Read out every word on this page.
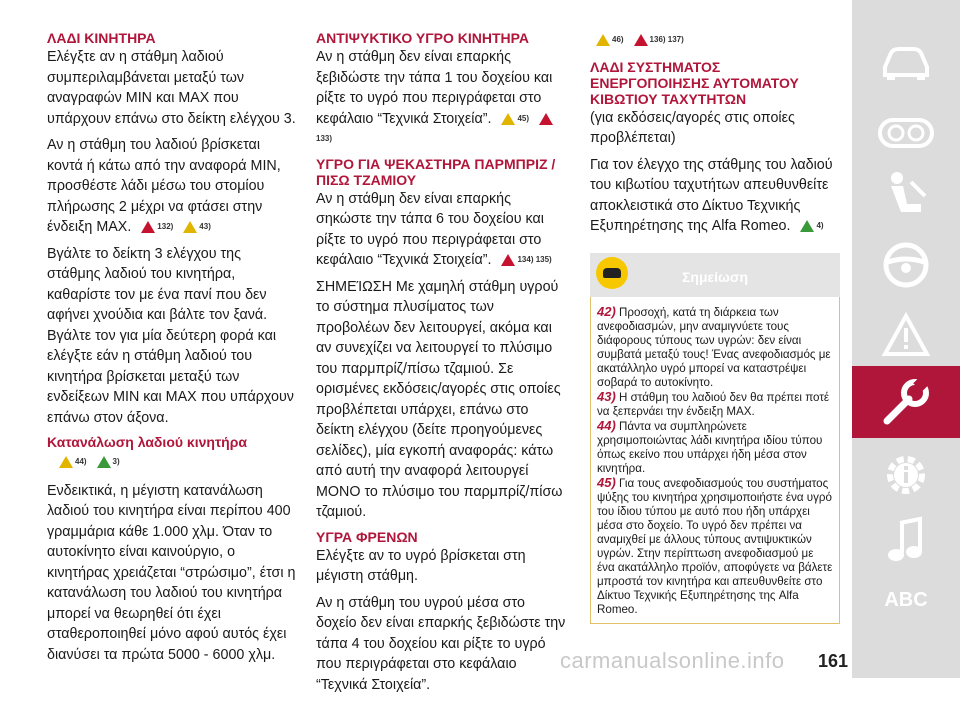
ΛΑΔΙ ΚΙΝΗΤΗΡΑ

Ελέγξτε αν η στάθμη λαδιού συμπεριλαμβάνεται μεταξύ των αναγραφών MIN και MAX που υπάρχουν επάνω στο δείκτη ελέγχου 3.

Αν η στάθμη του λαδιού βρίσκεται κοντά ή κάτω από την αναφορά MIN, προσθέστε λάδι μέσω του στομίου πλήρωσης 2 μέχρι να φτάσει στην ένδειξη MAX.	132)	43)

Βγάλτε το δείκτη 3 ελέγχου της στάθμης λαδιού του κινητήρα, καθαρίστε τον με ένα πανί που δεν αφήνει χνούδια και βάλτε τον ξανά. Βγάλτε τον για μία δεύτερη φορά και ελέγξτε εάν η στάθμη λαδιού του κινητήρα βρίσκεται μεταξύ των ενδείξεων MIN και MAX που υπάρχουν επάνω στον άξονα.

Κατανάλωση λαδιού κινητήρα
44)	3)

Ενδεικτικά, η μέγιστη κατανάλωση λαδιού του κινητήρα είναι περίπου 400 γραμμάρια κάθε 1.000 χλμ. Όταν το αυτοκίνητο είναι καινούργιο, ο κινητήρας χρειάζεται “στρώσιμο”, έτσι η κατανάλωση του λαδιού του κινητήρα μπορεί να θεωρηθεί ότι έχει σταθεροποιηθεί μόνο αφού αυτός έχει διανύσει τα πρώτα 5000 - 6000 χλμ.

ΑΝΤΙΨΥΚΤΙΚΟ ΥΓΡΟ ΚΙΝΗΤΗΡΑ

Αν η στάθμη δεν είναι επαρκής ξεβιδώστε την τάπα 1 του δοχείου και ρίξτε το υγρό που περιγράφεται στο κεφάλαιο “Τεχνικά Στοιχεία”.	45) 133)

ΥΓΡΟ ΓΙΑ ΨΕΚΑΣΤΗΡΑ ΠΑΡΜΠΡΙΖ / ΠΙΣΩ ΤΖΑΜΙΟΥ

Αν η στάθμη δεν είναι επαρκής σηκώστε την τάπα 6 του δοχείου και ρίξτε το υγρό που περιγράφεται στο κεφάλαιο “Τεχνικά Στοιχεία”.	134) 135)

ΣΗΜΕΊΩΣΗ Με χαμηλή στάθμη υγρού το σύστημα πλυσίματος των προβολέων δεν λειτουργεί, ακόμα και αν συνεχίζει να λειτουργεί το πλύσιμο του παρμπρίζ/πίσω τζαμιού. Σε ορισμένες εκδόσεις/αγορές στις οποίες προβλέπεται υπάρχει, επάνω στο δείκτη ελέγχου (δείτε προηγούμενες σελίδες), μία εγκοπή αναφοράς: κάτω από αυτή την αναφορά λειτουργεί ΜΟΝΟ το πλύσιμο του παρμπρίζ/πίσω τζαμιού.

ΥΓΡΑ ΦΡΕΝΩΝ

Ελέγξτε αν το υγρό βρίσκεται στη μέγιστη στάθμη.

Αν η στάθμη του υγρού μέσα στο δοχείο δεν είναι επαρκής ξεβιδώστε την τάπα 4 του δοχείου και ρίξτε το υγρό που περιγράφεται στο κεφάλαιο “Τεχνικά Στοιχεία”.

46)	136) 137)
ΛΑΔΙ ΣΥΣΤΗΜΑΤΟΣ ΕΝΕΡΓΟΠΟΙΗΣΗΣ ΑΥΤΟΜΑΤΟΥ ΚΙΒΩΤΙΟΥ ΤΑΧΥΤΗΤΩΝ

(για εκδόσεις/αγορές στις οποίες προβλέπεται)

Για τον έλεγχο της στάθμης του λαδιού του κιβωτίου ταχυτήτων απευθυνθείτε αποκλειστικά στο Δίκτυο Τεχνικής Εξυπηρέτησης της Alfa Romeo.	4)

Σημείωση

42) Προσοχή, κατά τη διάρκεια των ανεφοδιασμών, μην αναμιγνύετε τους διάφορους τύπους των υγρών: δεν είναι συμβατά μεταξύ τους! Ένας ανεφοδιασμός με ακατάλληλο υγρό μπορεί να καταστρέψει σοβαρά το αυτοκίνητο.

43) Η στάθμη του λαδιού δεν θα πρέπει ποτέ να ξεπερνάει την ένδειξη MAX.

44) Πάντα να συμπληρώνετε χρησιμοποιώντας λάδι κινητήρα ιδίου τύπου όπως εκείνο που υπάρχει ήδη μέσα στον κινητήρα.

45) Για τους ανεφοδιασμούς του συστήματος ψύξης του κινητήρα χρησιμοποιήστε ένα υγρό του ίδιου τύπου με αυτό που ήδη υπάρχει μέσα στο δοχείο. Το υγρό δεν πρέπει να αναμιχθεί με άλλους τύπους αντιψυκτικών υγρών. Στην περίπτωση ανεφοδιασμού με ένα ακατάλληλο προϊόν, αποφύγετε να βάλετε μπροστά τον κινητήρα και απευθυνθείτε στο Δίκτυο Τεχνικής Εξυπηρέτησης της Alfa Romeo.	ABC
carmanualsonline.info 161
